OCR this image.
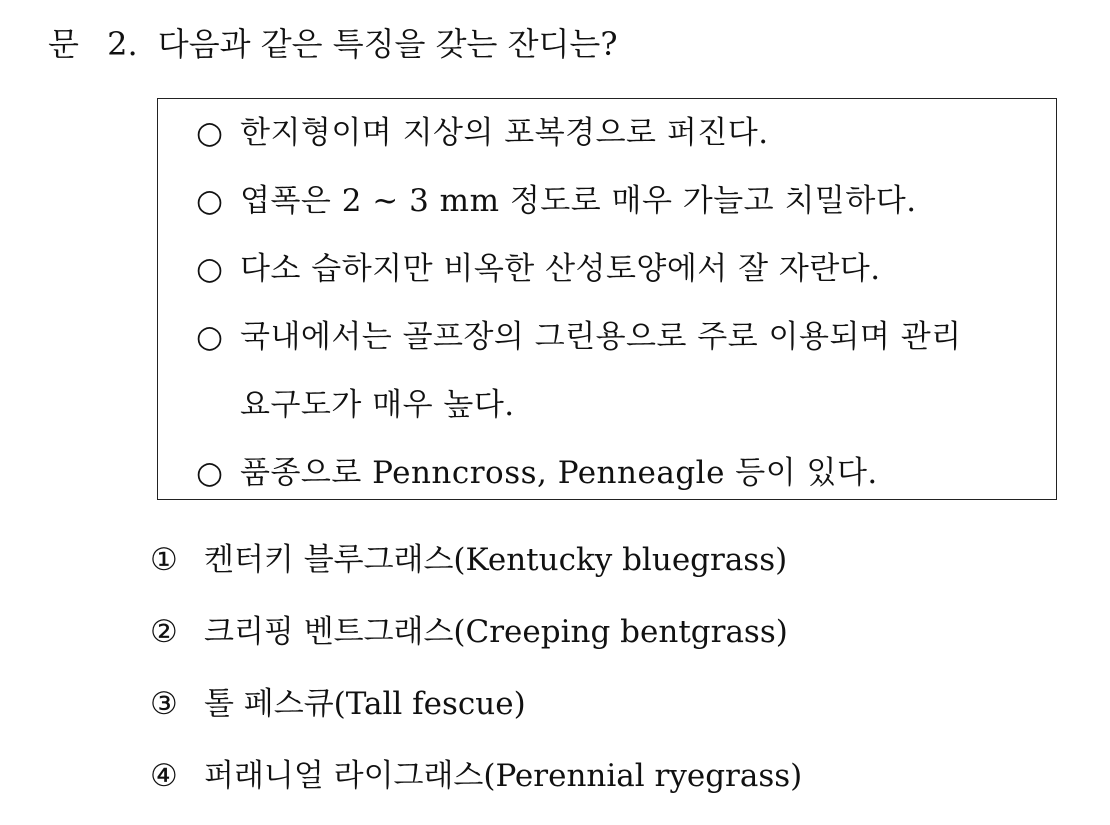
문 2. 다음과 같은 특징을 갖는 잔디는?
○ 한지형이며 지상의 포복경으로 퍼진다.
○ 엽폭은 2 ~ 3 mm 정도로 매우 가늘고 치밀하다.
○ 다소 습하지만 비옥한 산성토양에서 잘 자란다.
○ 국내에서는 골프장의 그린용으로 주로 이용되며 관리
요구도가 매우 높다.
○ 품종으로 Penncross, Penneagle 등이 있다.
① 켄터키 블루그래스(Kentucky bluegrass)
② 크리핑 벤트그래스(Creeping bentgrass)
③ 톨 페스큐(Tall fescue)
④ 퍼래니얼 라이그래스(Perennial ryegrass)
